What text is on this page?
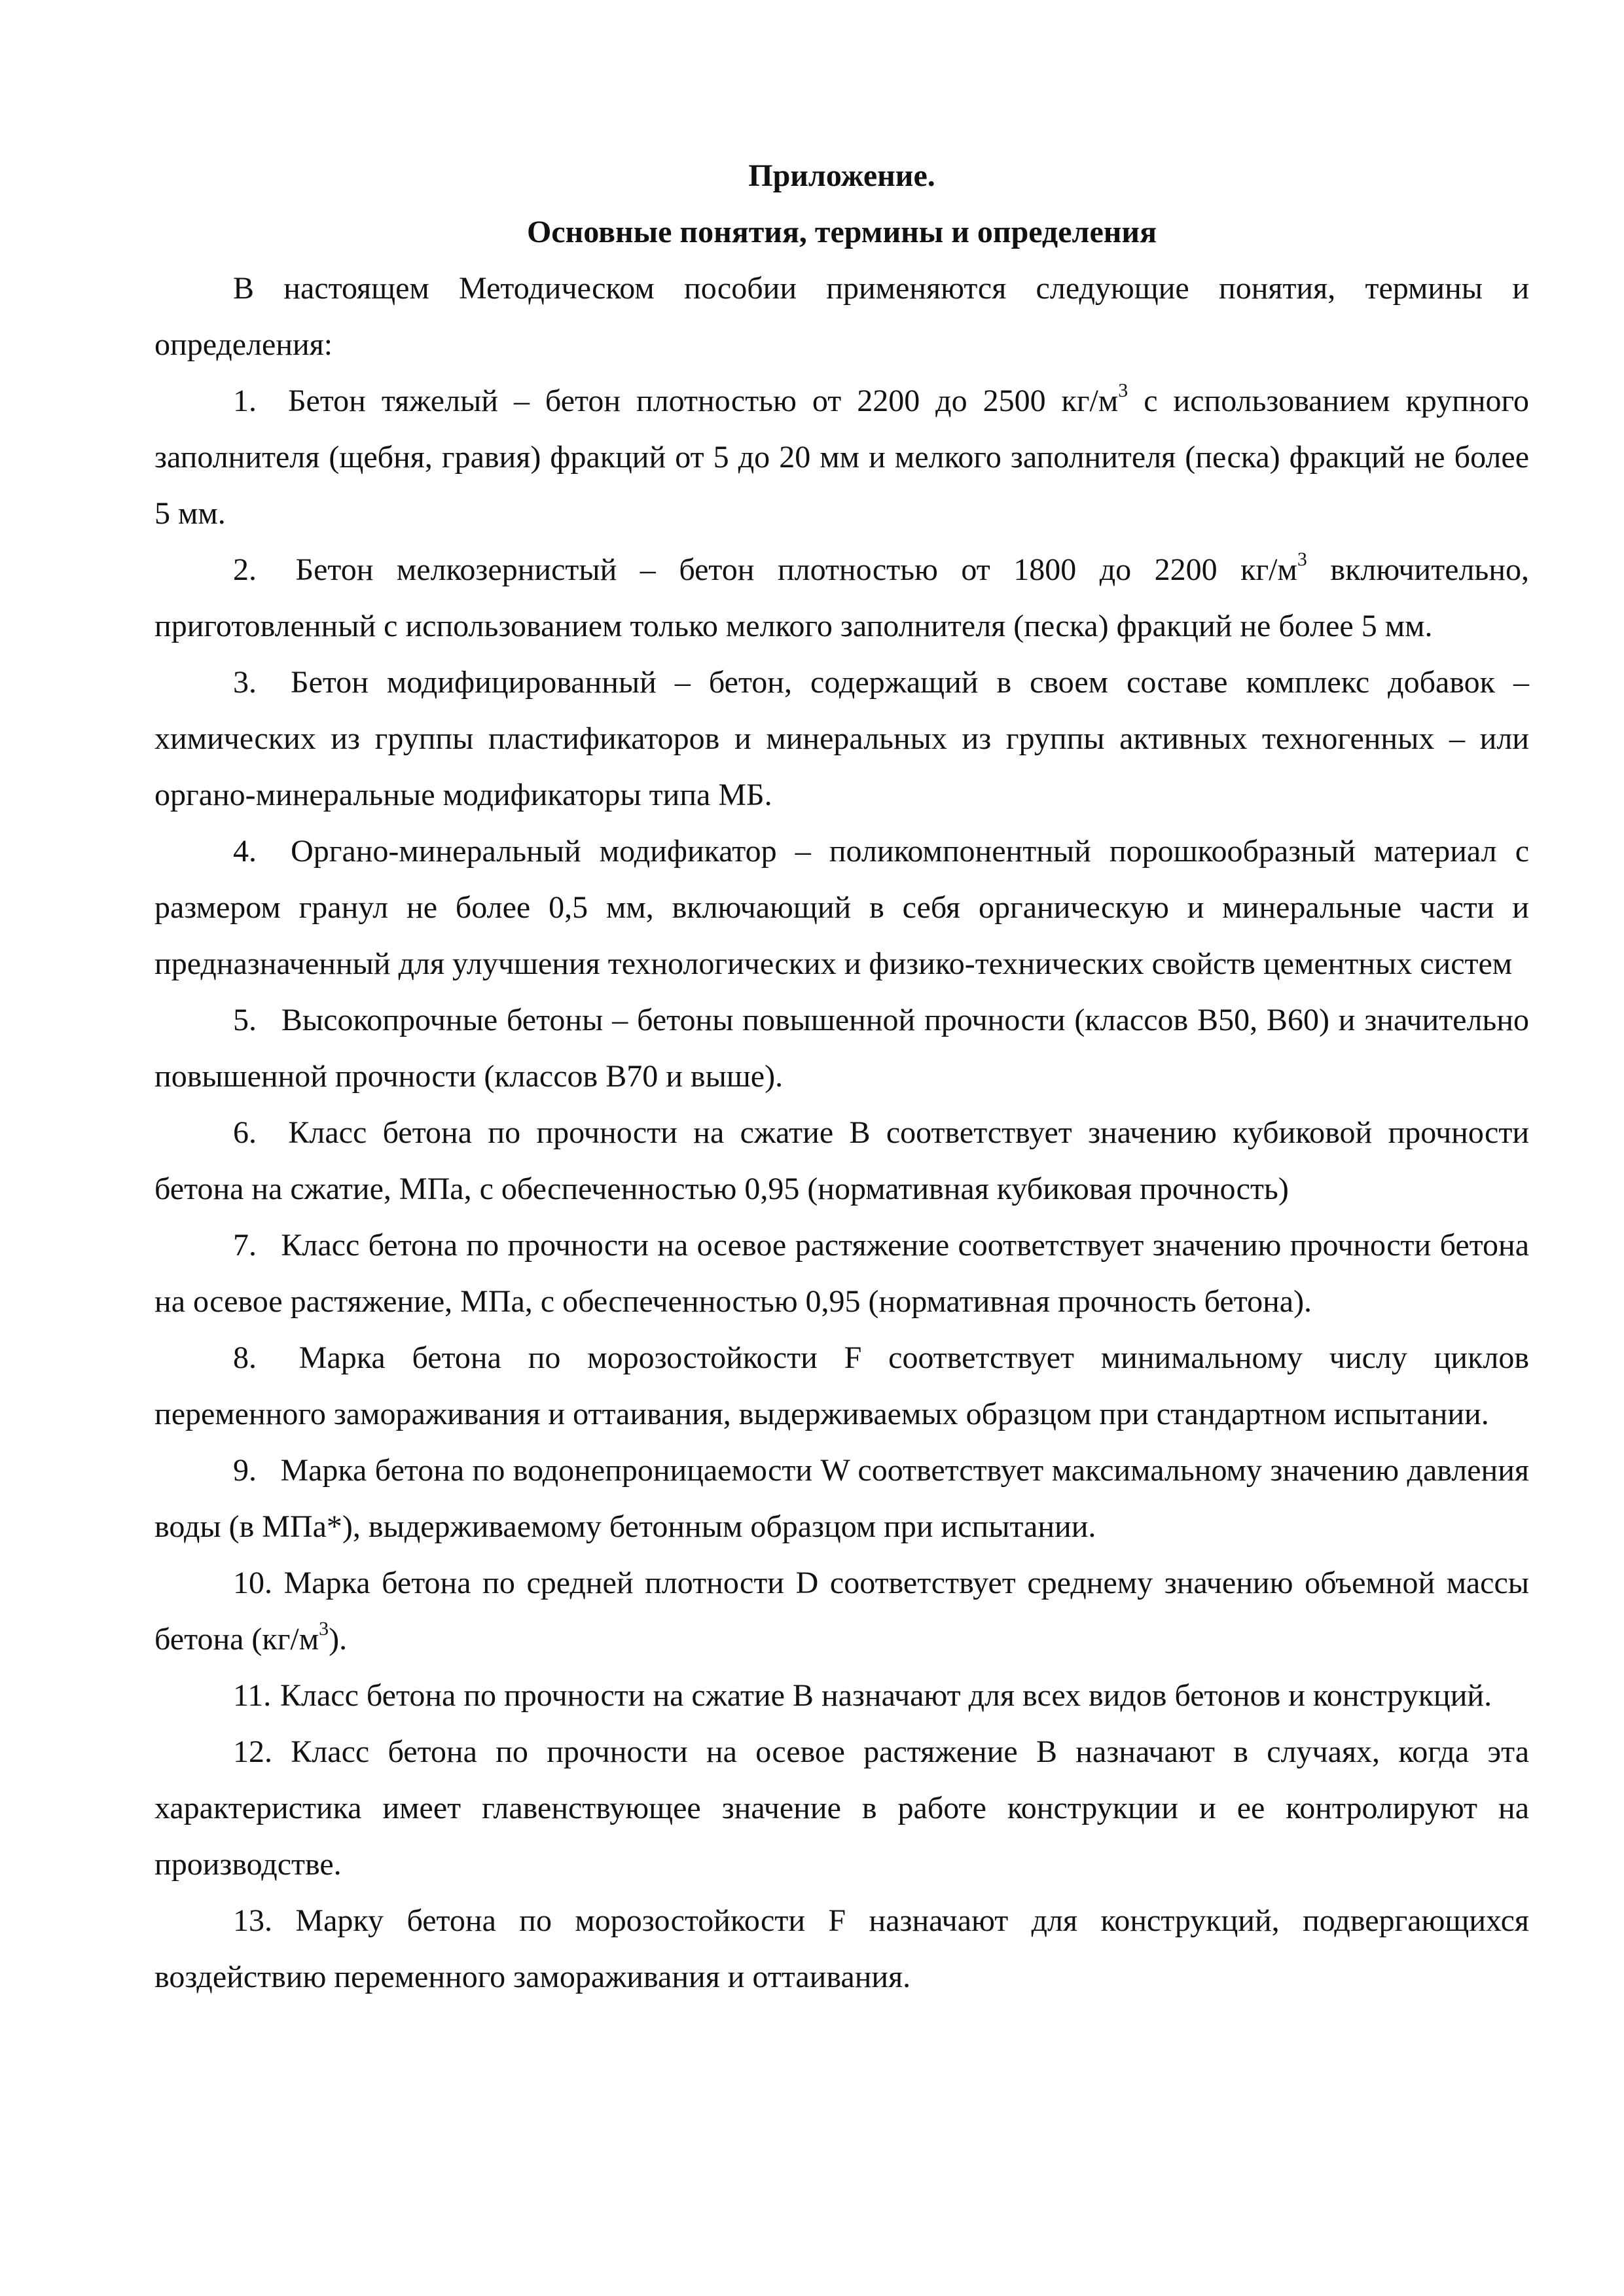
Приложение.

Основные понятия, термины и определения

В настоящем Методическом пособии применяются следующие понятия, термины и определения:

1. Бетон тяжелый – бетон плотностью от 2200 до 2500 $кг/м^3$ с использованием крупного заполнителя (щебня, гравия) фракций от 5 до 20 мм и мелкого заполнителя (песка) фракций не более 5 мм.

2. Бетон мелкозернистый – бетон плотностью от 1800 до 2200 $кг/м^3$ включительно, приготовленный с использованием только мелкого заполнителя (песка) фракций не более 5 мм.

3. Бетон модифицированный – бетон, содержащий в своем составе комплекс добавок – химических из группы пластификаторов и минеральных из группы активных техногенных – или органо-минеральные модификаторы типа МБ.

4. Органо-минеральный модификатор – поликомпонентный порошкообразный материал с размером гранул не более 0,5 мм, включающий в себя органическую и минеральные части и предназначенный для улучшения технологических и физико-технических свойств цементных систем

5. Высокопрочные бетоны – бетоны повышенной прочности (классов В50, В60) и значительно повышенной прочности (классов В70 и выше).

6. Класс бетона по прочности на сжатие В соответствует значению кубиковой прочности бетона на сжатие, МПа, с обеспеченностью 0,95 (нормативная кубиковая прочность)

7. Класс бетона по прочности на осевое растяжение соответствует значению прочности бетона на осевое растяжение, МПа, с обеспеченностью 0,95 (нормативная прочность бетона).

8. Марка бетона по морозостойкости F соответствует минимальному числу циклов переменного замораживания и оттаивания, выдерживаемых образцом при стандартном испытании.

9. Марка бетона по водонепроницаемости W соответствует максимальному значению давления воды (в МПа*), выдерживаемому бетонным образцом при испытании.

10. Марка бетона по средней плотности D соответствует среднему значению объемной массы бетона $(кг/м^3)$.

11. Класс бетона по прочности на сжатие В назначают для всех видов бетонов и конструкций.

12. Класс бетона по прочности на осевое растяжение В назначают в случаях, когда эта характеристика имеет главенствующее значение в работе конструкции и ее контролируют на производстве.

13. Марку бетона по морозостойкости F назначают для конструкций, подвергающихся воздействию переменного замораживания и оттаивания.
